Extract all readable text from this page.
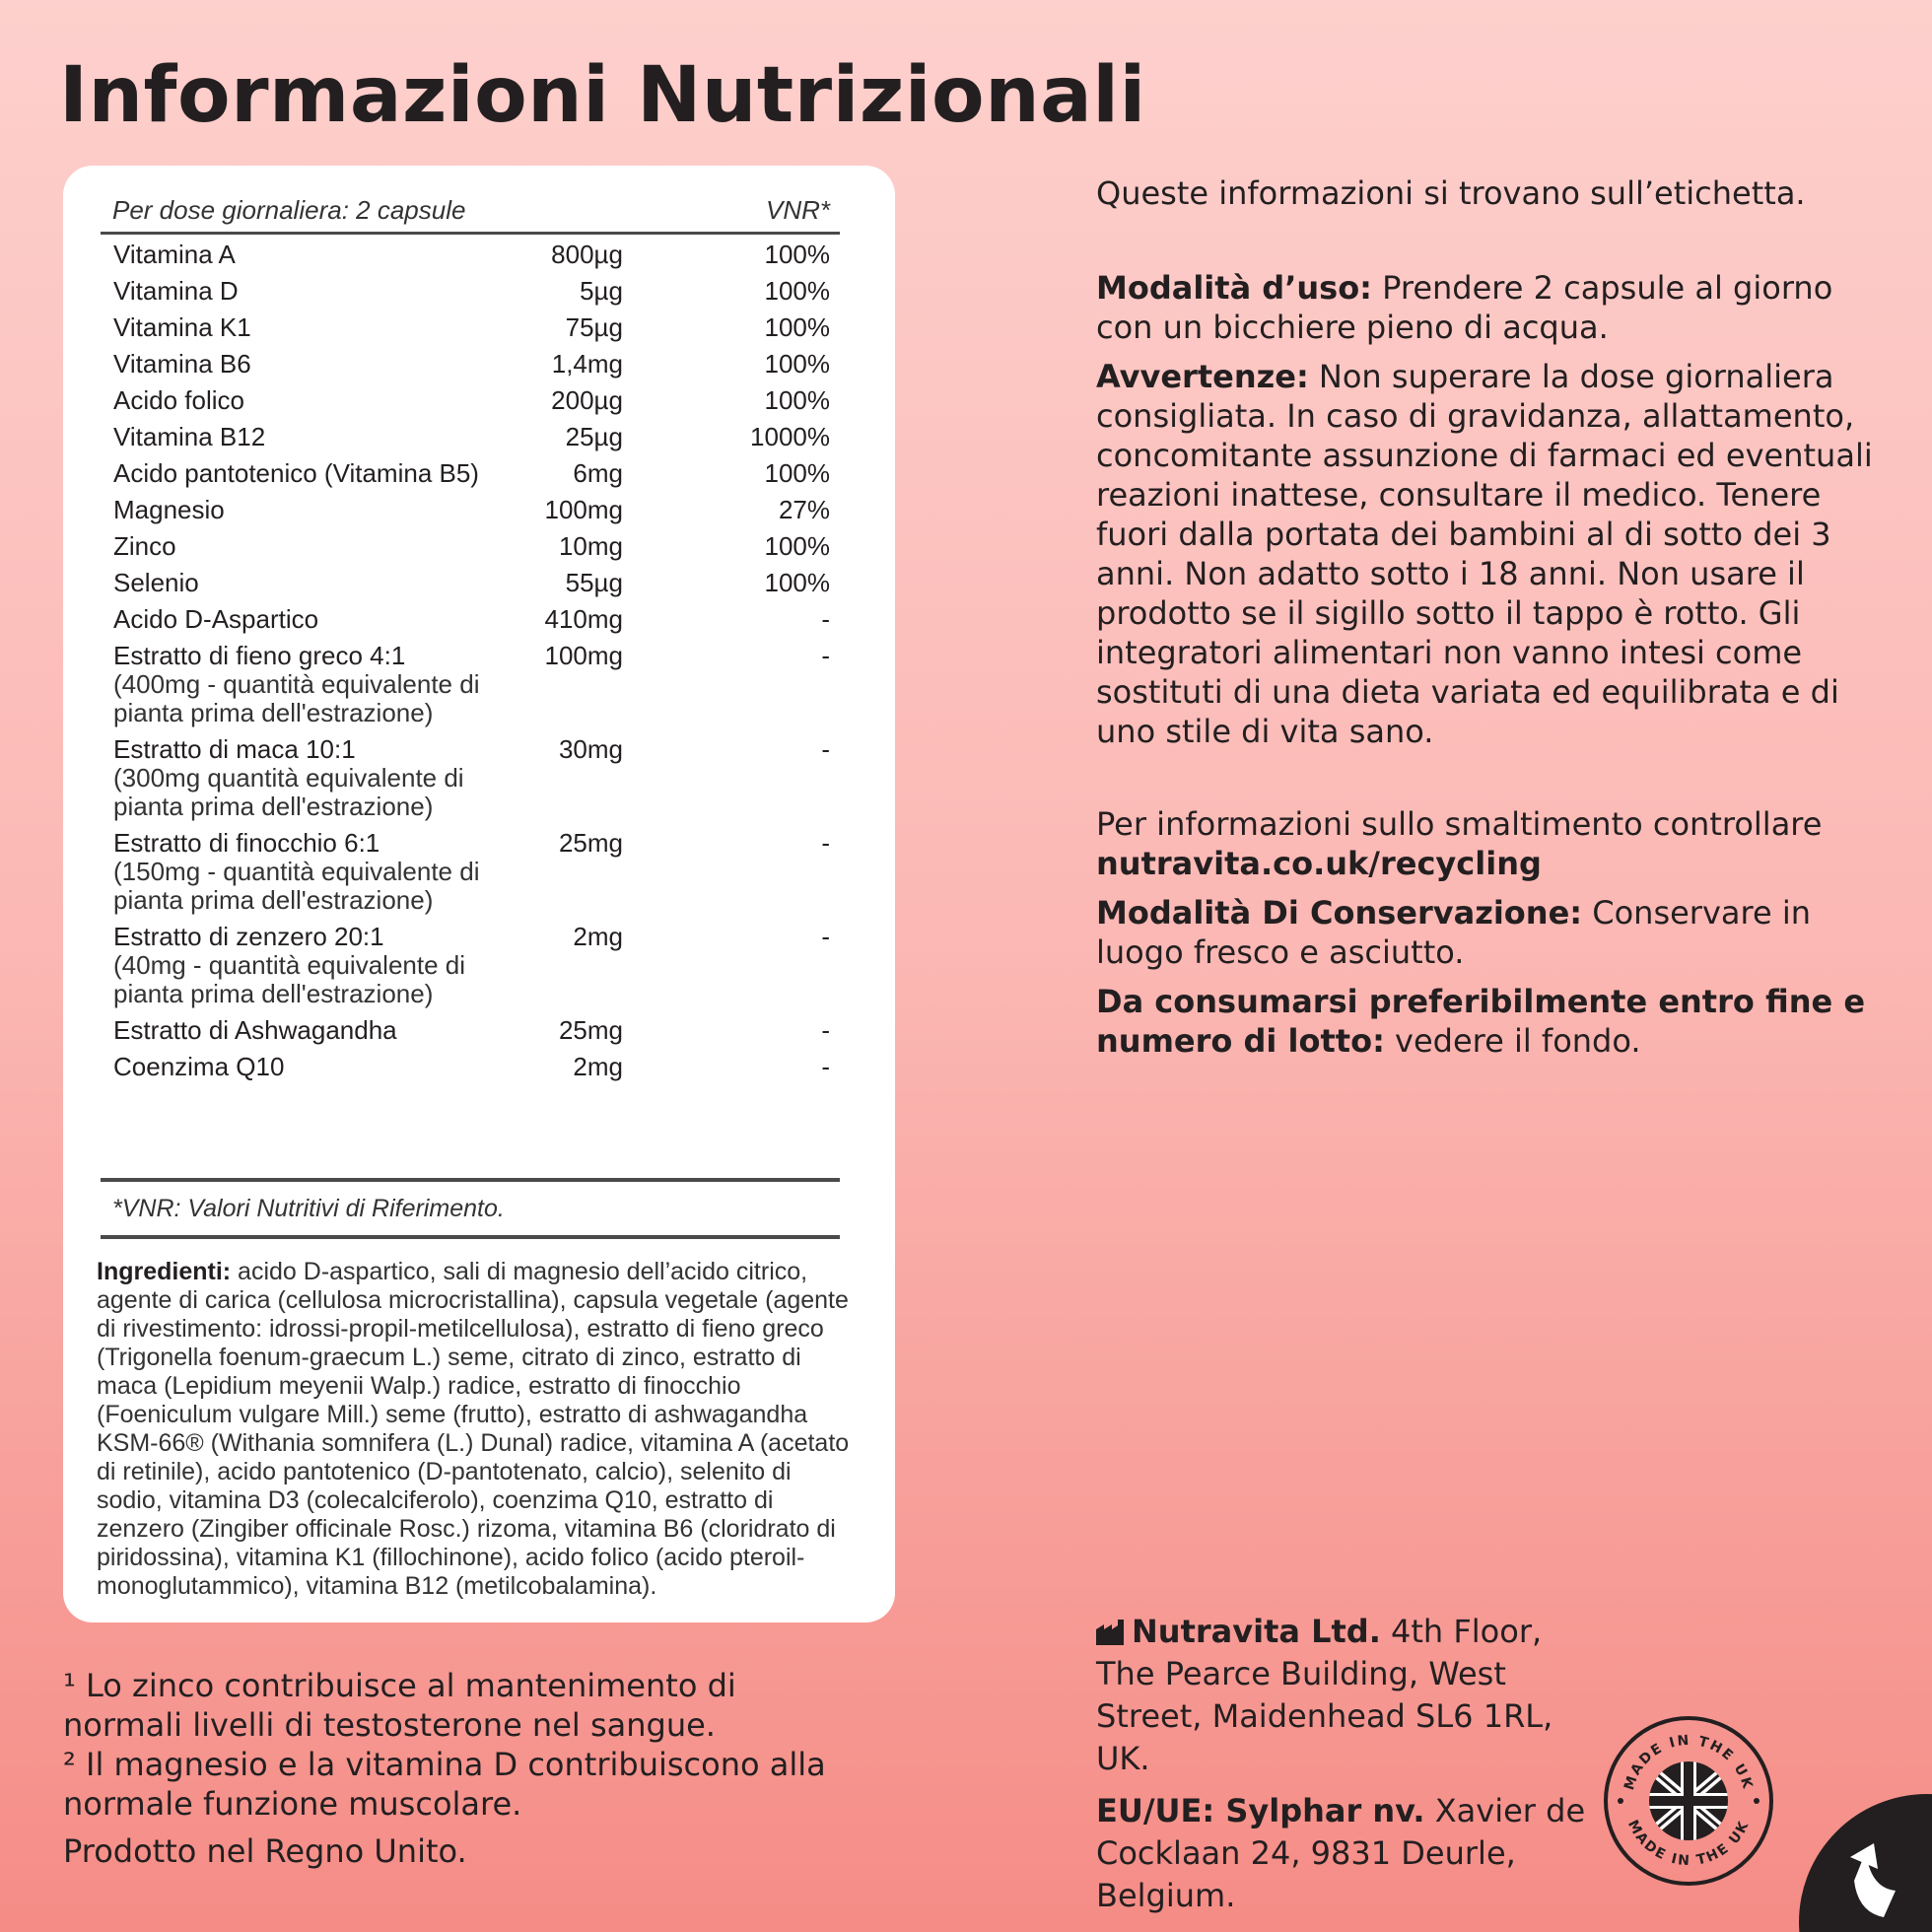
Informazioni Nutrizionali
Per dose giornaliera: 2 capsule	VNR*
Vitamina A	800µg	100%
Vitamina D	5µg	100%
Vitamina K1	75µg	100%
Vitamina B6	1,4mg	100%
Acido folico	200µg	100%
Vitamina B12	25µg	1000%
Acido pantotenico (Vitamina B5)	6mg	100%
Magnesio	100mg	27%
Zinco	10mg	100%
Selenio	55µg	100%
Acido D-Aspartico	410mg	-
Estratto di fieno greco 4:1
(400mg - quantità equivalente di pianta prima dell'estrazione)
100mg	-
Estratto di maca 10:1
(300mg quantità equivalente di pianta prima dell'estrazione)
30mg	-
Estratto di finocchio 6:1
(150mg - quantità equivalente di pianta prima dell'estrazione)
25mg	-
Estratto di zenzero 20:1
(40mg - quantità equivalente di pianta prima dell'estrazione)
2mg	-
Estratto di Ashwagandha	25mg	-
Coenzima Q10	2mg	-
*VNR: Valori Nutritivi di Riferimento.

Ingredienti: acido D-aspartico, sali di magnesio dell’acido citrico, agente di carica (cellulosa microcristallina), capsula vegetale (agente di rivestimento: idrossi-propil-metilcellulosa), estratto di fieno greco (Trigonella foenum-graecum L.) seme, citrato di zinco, estratto di maca (Lepidium meyenii Walp.) radice, estratto di finocchio (Foeniculum vulgare Mill.) seme (frutto), estratto di ashwagandha KSM-66® (Withania somnifera (L.) Dunal) radice, vitamina A (acetato di retinile), acido pantotenico (D-pantotenato, calcio), selenito di sodio, vitamina D3 (colecalciferolo), coenzima Q10, estratto di zenzero (Zingiber officinale Rosc.) rizoma, vitamina B6 (cloridrato di piridossina), vitamina K1 (fillochinone), acido folico (acido pteroil-monoglutammico), vitamina B12 (metilcobalamina).

Queste informazioni si trovano sull’etichetta.

Modalità d’uso: Prendere 2 capsule al giorno con un bicchiere pieno di acqua.

Avvertenze: Non superare la dose giornaliera consigliata. In caso di gravidanza, allattamento, concomitante assunzione di farmaci ed eventuali reazioni inattese, consultare il medico. Tenere fuori dalla portata dei bambini al di sotto dei 3 anni. Non adatto sotto i 18 anni. Non usare il prodotto se il sigillo sotto il tappo è rotto. Gli integratori alimentari non vanno intesi come sostituti di una dieta variata ed equilibrata e di uno stile di vita sano.

Per informazioni sullo smaltimento controllare nutravita.co.uk/recycling

Modalità Di Conservazione: Conservare in luogo fresco e asciutto.

Da consumarsi preferibilmente entro fine e numero di lotto: vedere il fondo.

¹ Lo zinco contribuisce al mantenimento di normali livelli di testosterone nel sangue.

² Il magnesio e la vitamina D contribuiscono alla normale funzione muscolare.

Prodotto nel Regno Unito.

Nutravita Ltd. 4th Floor, The Pearce Building, West Street, Maidenhead SL6 1RL, UK.

EU/UE: Sylphar nv. Xavier de Cocklaan 24, 9831 Deurle, Belgium.

MADE IN THE UK
MADE IN THE UK
